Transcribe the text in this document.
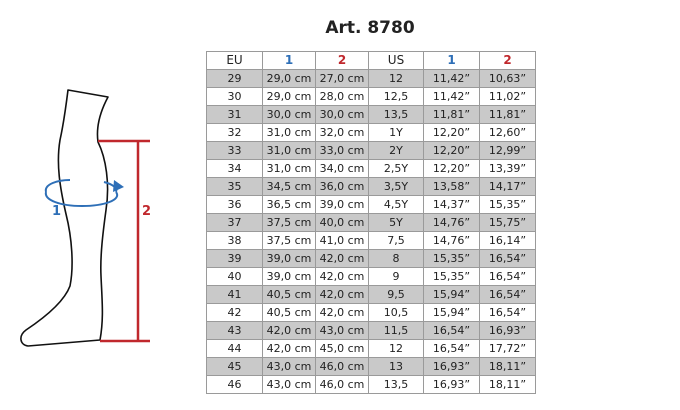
Art. 8780
1	2
EU	1	2	US	1	2
29	29,0 cm	27,0 cm	12	11,42”	10,63”
30	29,0 cm	28,0 cm	12,5	11,42”	11,02”
31	30,0 cm	30,0 cm	13,5	11,81”	11,81”
32	31,0 cm	32,0 cm	1Y	12,20”	12,60”
33	31,0 cm	33,0 cm	2Y	12,20”	12,99”
34	31,0 cm	34,0 cm	2,5Y	12,20”	13,39”
35	34,5 cm	36,0 cm	3,5Y	13,58”	14,17”
36	36,5 cm	39,0 cm	4,5Y	14,37”	15,35”
37	37,5 cm	40,0 cm	5Y	14,76”	15,75”
38	37,5 cm	41,0 cm	7,5	14,76”	16,14”
39	39,0 cm	42,0 cm	8	15,35”	16,54”
40	39,0 cm	42,0 cm	9	15,35”	16,54”
41	40,5 cm	42,0 cm	9,5	15,94”	16,54”
42	40,5 cm	42,0 cm	10,5	15,94”	16,54”
43	42,0 cm	43,0 cm	11,5	16,54”	16,93”
44	42,0 cm	45,0 cm	12	16,54”	17,72”
45	43,0 cm	46,0 cm	13	16,93”	18,11”
46	43,0 cm	46,0 cm	13,5	16,93”	18,11”
